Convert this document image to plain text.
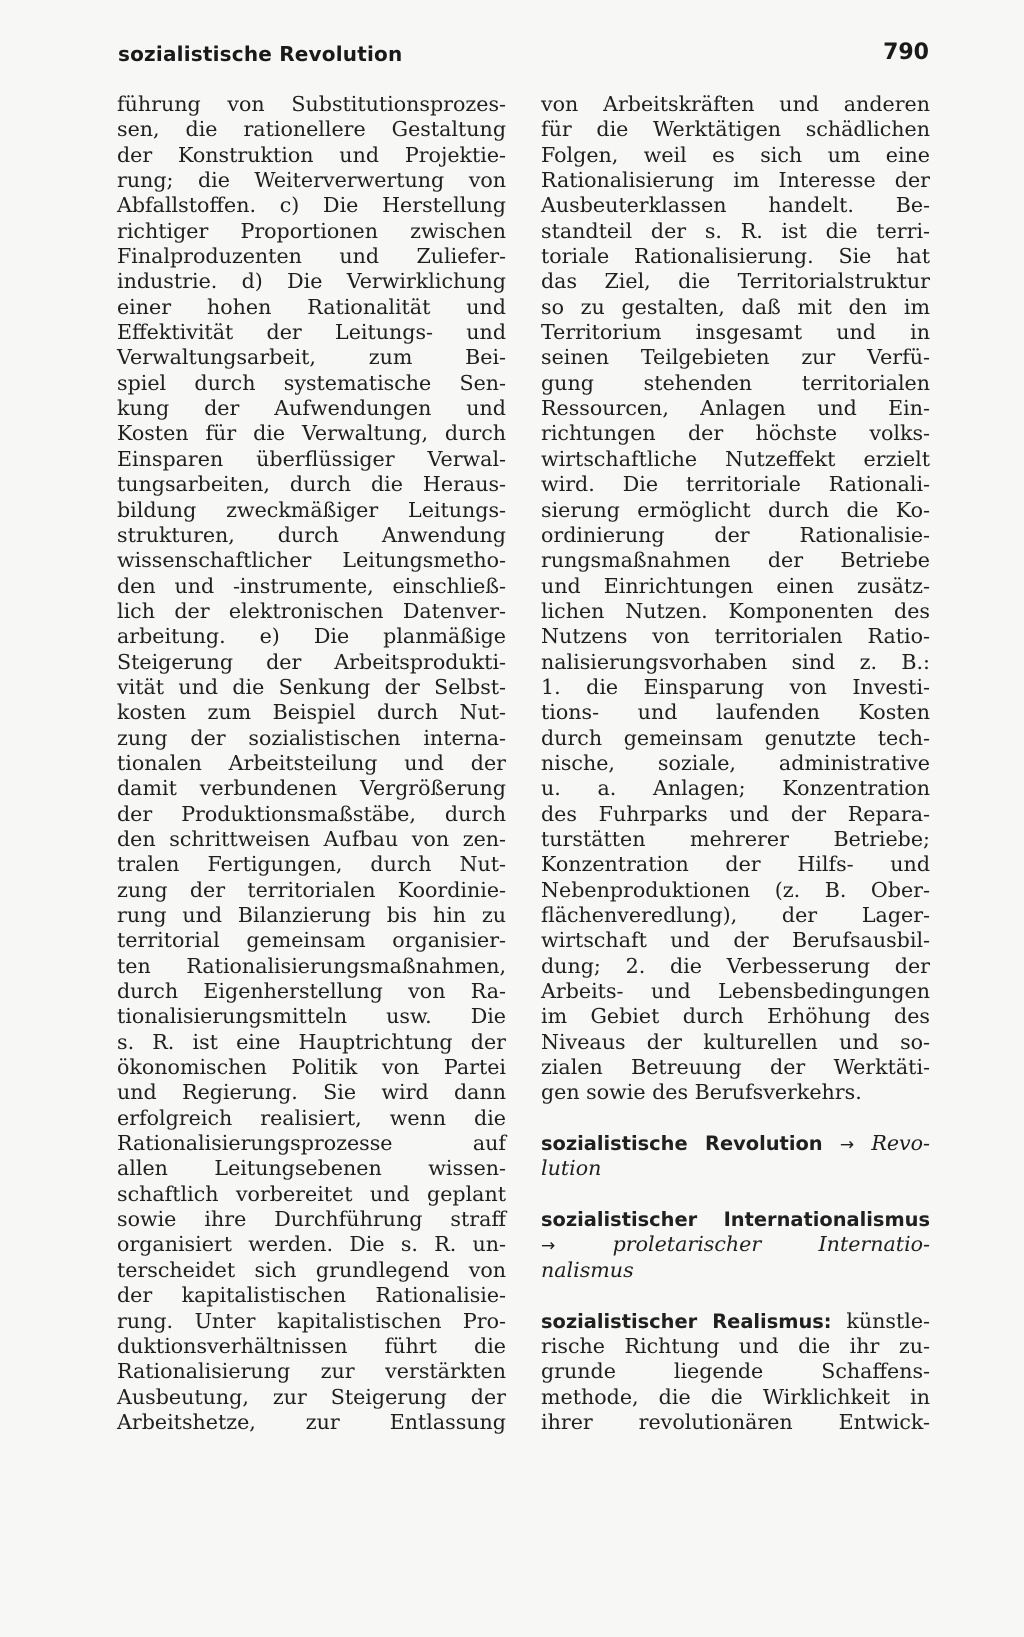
sozialistische Revolution	790
führung von Substitutionsprozes-
sen, die rationellere Gestaltung
der Konstruktion und Projektie-
rung; die Weiterverwertung von
Abfallstoffen. c) Die Herstellung
richtiger Proportionen zwischen
Finalproduzenten und Zuliefer-
industrie. d) Die Verwirklichung
einer hohen Rationalität und
Effektivität der Leitungs- und
Verwaltungsarbeit, zum Bei-
spiel durch systematische Sen-
kung der Aufwendungen und
Kosten für die Verwaltung, durch
Einsparen überflüssiger Verwal-
tungsarbeiten, durch die Heraus-
bildung zweckmäßiger Leitungs-
strukturen, durch Anwendung
wissenschaftlicher Leitungsmetho-
den und -instrumente, einschließ-
lich der elektronischen Datenver-
arbeitung. e) Die planmäßige
Steigerung der Arbeitsprodukti-
vität und die Senkung der Selbst-
kosten zum Beispiel durch Nut-
zung der sozialistischen interna-
tionalen Arbeitsteilung und der
damit verbundenen Vergrößerung
der Produktionsmaßstäbe, durch
den schrittweisen Aufbau von zen-
tralen Fertigungen, durch Nut-
zung der territorialen Koordinie-
rung und Bilanzierung bis hin zu
territorial gemeinsam organisier-
ten Rationalisierungsmaßnahmen,
durch Eigenherstellung von Ra-
tionalisierungsmitteln usw. Die
s. R. ist eine Hauptrichtung der
ökonomischen Politik von Partei
und Regierung. Sie wird dann
erfolgreich realisiert, wenn die
Rationalisierungsprozesse auf
allen Leitungsebenen wissen-
schaftlich vorbereitet und geplant
sowie ihre Durchführung straff
organisiert werden. Die s. R. un-
terscheidet sich grundlegend von
der kapitalistischen Rationalisie-
rung. Unter kapitalistischen Pro-
duktionsverhältnissen führt die
Rationalisierung zur verstärkten
Ausbeutung, zur Steigerung der
Arbeitshetze, zur Entlassung
von Arbeitskräften und anderen
für die Werktätigen schädlichen
Folgen, weil es sich um eine
Rationalisierung im Interesse der
Ausbeuterklassen handelt. Be-
standteil der s. R. ist die terri-
toriale Rationalisierung. Sie hat
das Ziel, die Territorialstruktur
so zu gestalten, daß mit den im
Territorium insgesamt und in
seinen Teilgebieten zur Verfü-
gung stehenden territorialen
Ressourcen, Anlagen und Ein-
richtungen der höchste volks-
wirtschaftliche Nutzeffekt erzielt
wird. Die territoriale Rationali-
sierung ermöglicht durch die Ko-
ordinierung der Rationalisie-
rungsmaßnahmen der Betriebe
und Einrichtungen einen zusätz-
lichen Nutzen. Komponenten des
Nutzens von territorialen Ratio-
nalisierungsvorhaben sind z. B.:
1. die Einsparung von Investi-
tions- und laufenden Kosten
durch gemeinsam genutzte tech-
nische, soziale, administrative
u. a. Anlagen; Konzentration
des Fuhrparks und der Repara-
turstätten mehrerer Betriebe;
Konzentration der Hilfs- und
Nebenproduktionen (z. B. Ober-
flächenveredlung), der Lager-
wirtschaft und der Berufsausbil-
dung; 2. die Verbesserung der
Arbeits- und Lebensbedingungen
im Gebiet durch Erhöhung des
Niveaus der kulturellen und so-
zialen Betreuung der Werktäti-
gen sowie des Berufsverkehrs.
sozialistische Revolution → Revo-
lution
sozialistischer Internationalismus
→	proletarischer Internatio-
nalismus
sozialistischer Realismus: künstle-
rische Richtung und die ihr zu-
grunde liegende Schaffens-
methode, die die Wirklichkeit in
ihrer revolutionären Entwick-
